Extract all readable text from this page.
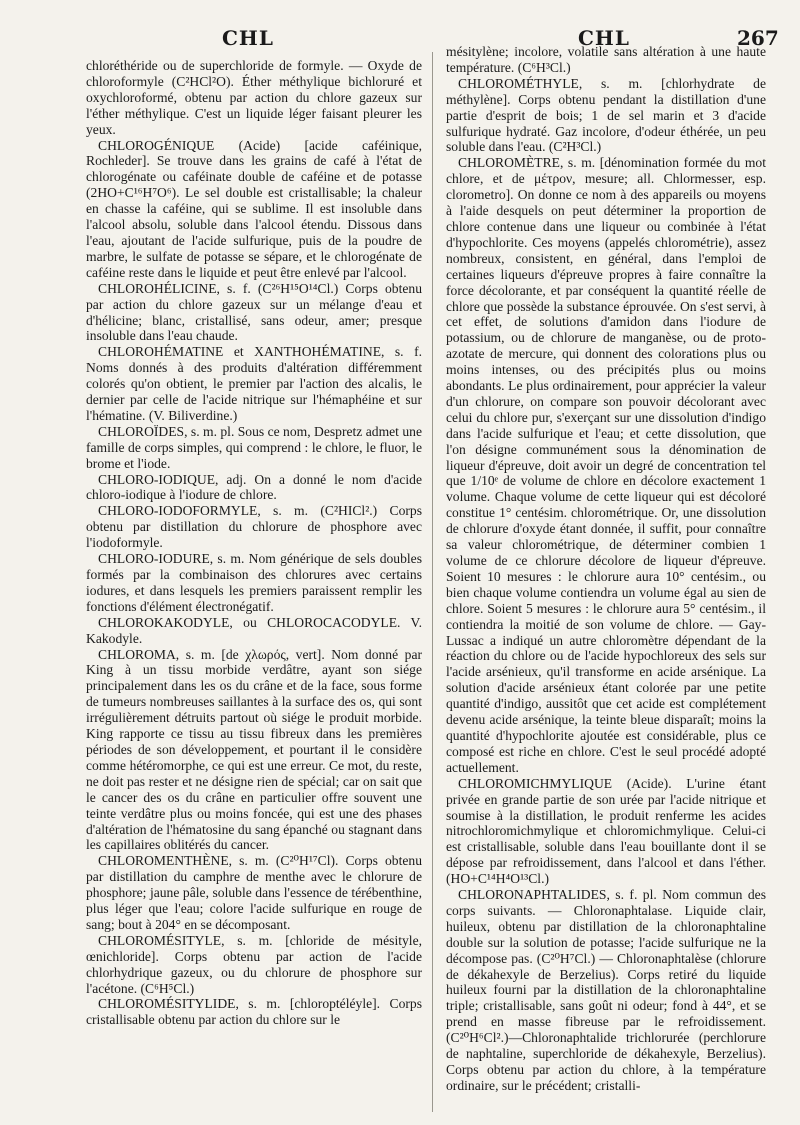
CHL	CHL	267

chloréthéride ou de superchloride de formyle. — Oxyde de chloroformyle (C²HCl²O). Éther méthylique bichloruré et oxychloroformé, obtenu par action du chlore gazeux sur l'éther méthylique. C'est un liquide léger faisant pleurer les yeux.

CHLOROGÉNIQUE (Acide) [acide caféinique, Rochleder]. Se trouve dans les grains de café à l'état de chlorogénate ou caféinate double de caféine et de potasse (2HO+C¹⁶H⁷O⁶). Le sel double est cristallisable; la chaleur en chasse la caféine, qui se sublime. Il est insoluble dans l'alcool absolu, soluble dans l'alcool étendu. Dissous dans l'eau, ajoutant de l'acide sulfurique, puis de la poudre de marbre, le sulfate de potasse se sépare, et le chlorogénate de caféine reste dans le liquide et peut être enlevé par l'alcool.

CHLOROHÉLICINE, s. f. (C²⁶H¹⁵O¹⁴Cl.) Corps obtenu par action du chlore gazeux sur un mélange d'eau et d'hélicine; blanc, cristallisé, sans odeur, amer; presque insoluble dans l'eau chaude.

CHLOROHÉMATINE et XANTHOHÉMATINE, s. f. Noms donnés à des produits d'altération différemment colorés qu'on obtient, le premier par l'action des alcalis, le dernier par celle de l'acide nitrique sur l'hémaphéine et sur l'hématine. (V. Biliverdine.)

CHLOROÏDES, s. m. pl. Sous ce nom, Despretz admet une famille de corps simples, qui comprend : le chlore, le fluor, le brome et l'iode.

CHLORO-IODIQUE, adj. On a donné le nom d'acide chloro-iodique à l'iodure de chlore.

CHLORO-IODOFORMYLE, s. m. (C²HICl².) Corps obtenu par distillation du chlorure de phosphore avec l'iodoformyle.

CHLORO-IODURE, s. m. Nom générique de sels doubles formés par la combinaison des chlorures avec certains iodures, et dans lesquels les premiers paraissent remplir les fonctions d'élément électronégatif.

CHLOROKAKODYLE, ou CHLOROCACODYLE. V. Kakodyle.

CHLOROMA, s. m. [de χλωρός, vert]. Nom donné par King à un tissu morbide verdâtre, ayant son siége principalement dans les os du crâne et de la face, sous forme de tumeurs nombreuses saillantes à la surface des os, qui sont irrégulièrement détruits partout où siége le produit morbide. King rapporte ce tissu au tissu fibreux dans les premières périodes de son développement, et pourtant il le considère comme hétéromorphe, ce qui est une erreur. Ce mot, du reste, ne doit pas rester et ne désigne rien de spécial; car on sait que le cancer des os du crâne en particulier offre souvent une teinte verdâtre plus ou moins foncée, qui est une des phases d'altération de l'hématosine du sang épanché ou stagnant dans les capillaires oblitérés du cancer.

CHLOROMENTHÈNE, s. m. (C²⁰H¹⁷Cl). Corps obtenu par distillation du camphre de menthe avec le chlorure de phosphore; jaune pâle, soluble dans l'essence de térébenthine, plus léger que l'eau; colore l'acide sulfurique en rouge de sang; bout à 204° en se décomposant.

CHLOROMÉSITYLE, s. m. [chloride de mésityle, œnichloride]. Corps obtenu par action de l'acide chlorhydrique gazeux, ou du chlorure de phosphore sur l'acétone. (C⁶H⁵Cl.)

CHLOROMÉSITYLIDE, s. m. [chloroptéléyle]. Corps cristallisable obtenu par action du chlore sur le

mésitylène; incolore, volatile sans altération à une haute température. (C⁶H³Cl.)

CHLOROMÉTHYLE, s. m. [chlorhydrate de méthylène]. Corps obtenu pendant la distillation d'une partie d'esprit de bois; 1 de sel marin et 3 d'acide sulfurique hydraté. Gaz incolore, d'odeur éthérée, un peu soluble dans l'eau. (C²H³Cl.)

CHLOROMÈTRE, s. m. [dénomination formée du mot chlore, et de μέτρον, mesure; all. Chlormesser, esp. clorometro]. On donne ce nom à des appareils ou moyens à l'aide desquels on peut déterminer la proportion de chlore contenue dans une liqueur ou combinée à l'état d'hypochlorite. Ces moyens (appelés chlorométrie), assez nombreux, consistent, en général, dans l'emploi de certaines liqueurs d'épreuve propres à faire connaître la force décolorante, et par conséquent la quantité réelle de chlore que possède la substance éprouvée. On s'est servi, à cet effet, de solutions d'amidon dans l'iodure de potassium, ou de chlorure de manganèse, ou de proto-azotate de mercure, qui donnent des colorations plus ou moins intenses, ou des précipités plus ou moins abondants. Le plus ordinairement, pour apprécier la valeur d'un chlorure, on compare son pouvoir décolorant avec celui du chlore pur, s'exerçant sur une dissolution d'indigo dans l'acide sulfurique et l'eau; et cette dissolution, que l'on désigne communément sous la dénomination de liqueur d'épreuve, doit avoir un degré de concentration tel que 1/10ᵉ de volume de chlore en décolore exactement 1 volume. Chaque volume de cette liqueur qui est décoloré constitue 1° centésim. chlorométrique. Or, une dissolution de chlorure d'oxyde étant donnée, il suffit, pour connaître sa valeur chlorométrique, de déterminer combien 1 volume de ce chlorure décolore de liqueur d'épreuve. Soient 10 mesures : le chlorure aura 10° centésim., ou bien chaque volume contiendra un volume égal au sien de chlore. Soient 5 mesures : le chlorure aura 5° centésim., il contiendra la moitié de son volume de chlore. — Gay-Lussac a indiqué un autre chloromètre dépendant de la réaction du chlore ou de l'acide hypochloreux des sels sur l'acide arsénieux, qu'il transforme en acide arsénique. La solution d'acide arsénieux étant colorée par une petite quantité d'indigo, aussitôt que cet acide est complétement devenu acide arsénique, la teinte bleue disparaît; moins la quantité d'hypochlorite ajoutée est considérable, plus ce composé est riche en chlore. C'est le seul procédé adopté actuellement.

CHLOROMICHMYLIQUE (Acide). L'urine étant privée en grande partie de son urée par l'acide nitrique et soumise à la distillation, le produit renferme les acides nitrochloromichmylique et chloromichmylique. Celui-ci est cristallisable, soluble dans l'eau bouillante dont il se dépose par refroidissement, dans l'alcool et dans l'éther. (HO+C¹⁴H⁴O¹³Cl.)

CHLORONAPHTALIDES, s. f. pl. Nom commun des corps suivants. — Chloronaphtalase. Liquide clair, huileux, obtenu par distillation de la chloronaphtaline double sur la solution de potasse; l'acide sulfurique ne la décompose pas. (C²⁰H⁷Cl.) — Chloronaphtalèse (chlorure de dékahexyle de Berzelius). Corps retiré du liquide huileux fourni par la distillation de la chloronaphtaline triple; cristallisable, sans goût ni odeur; fond à 44°, et se prend en masse fibreuse par le refroidissement. (C²⁰H⁶Cl².)—Chloronaphtalide trichlorurée (perchlorure de naphtaline, superchloride de dékahexyle, Berzelius). Corps obtenu par action du chlore, à la température ordinaire, sur le précédent; cristalli-
